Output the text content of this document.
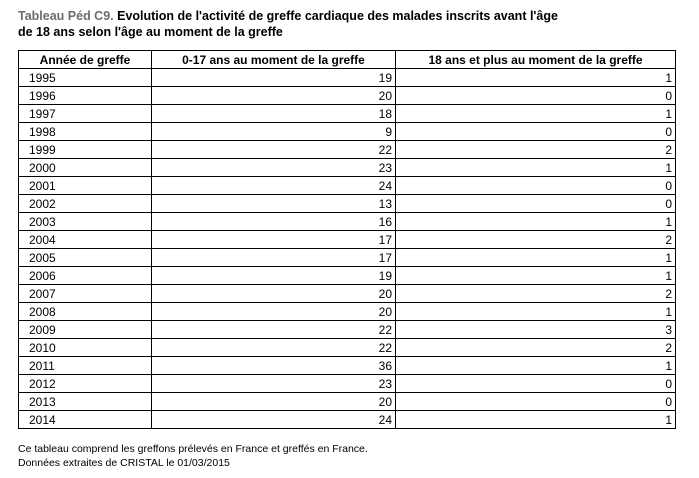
Tableau Péd C9. Evolution de l'activité de greffe cardiaque des malades inscrits avant l'âge
de 18 ans selon l'âge au moment de la greffe
Année de greffe	0-17 ans au moment de la greffe	18 ans et plus au moment de la greffe
1995	19	1
1996	20	0
1997	18	1
1998	9	0
1999	22	2
2000	23	1
2001	24	0
2002	13	0
2003	16	1
2004	17	2
2005	17	1
2006	19	1
2007	20	2
2008	20	1
2009	22	3
2010	22	2
2011	36	1
2012	23	0
2013	20	0
2014	24	1
Ce tableau comprend les greffons prélevés en France et greffés en France.
Données extraites de CRISTAL le 01/03/2015
